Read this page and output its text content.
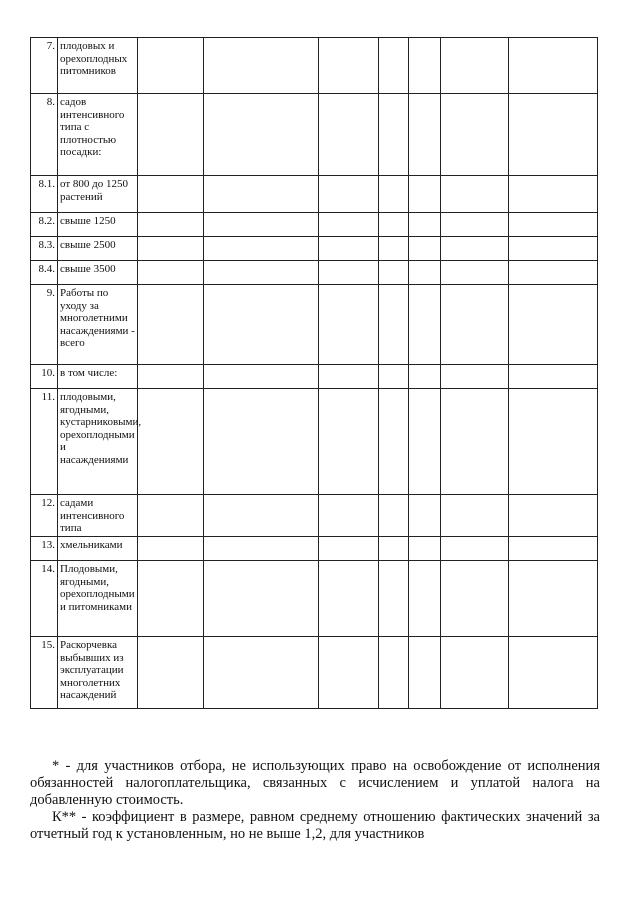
7.	плодовых и орехоплодных питомников							
8.	садов интенсивного типа с плотностью посадки:							
8.1.	от 800 до 1250 растений							
8.2.	свыше 1250							
8.3.	свыше 2500							
8.4.	свыше 3500							
9.	Работы по уходу за многолетними насаждениями - всего							
10.	в том числе:							
11.	плодовыми, ягодными, кустарниковыми, орехоплодными и насаждениями							
12.	садами интенсивного типа							
13.	хмельниками							
14.	Плодовыми, ягодными, орехоплодными и питомниками							
15.	Раскорчевка выбывших из эксплуатации многолетних насаждений							

* - для участников отбора, не использующих право на освобождение от исполнения обязанностей налогоплательщика, связанных с исчислением и уплатой налога на добавленную стоимость.

К** - коэффициент в размере, равном среднему отношению фактических значений за отчетный год к установленным, но не выше 1,2, для участников
